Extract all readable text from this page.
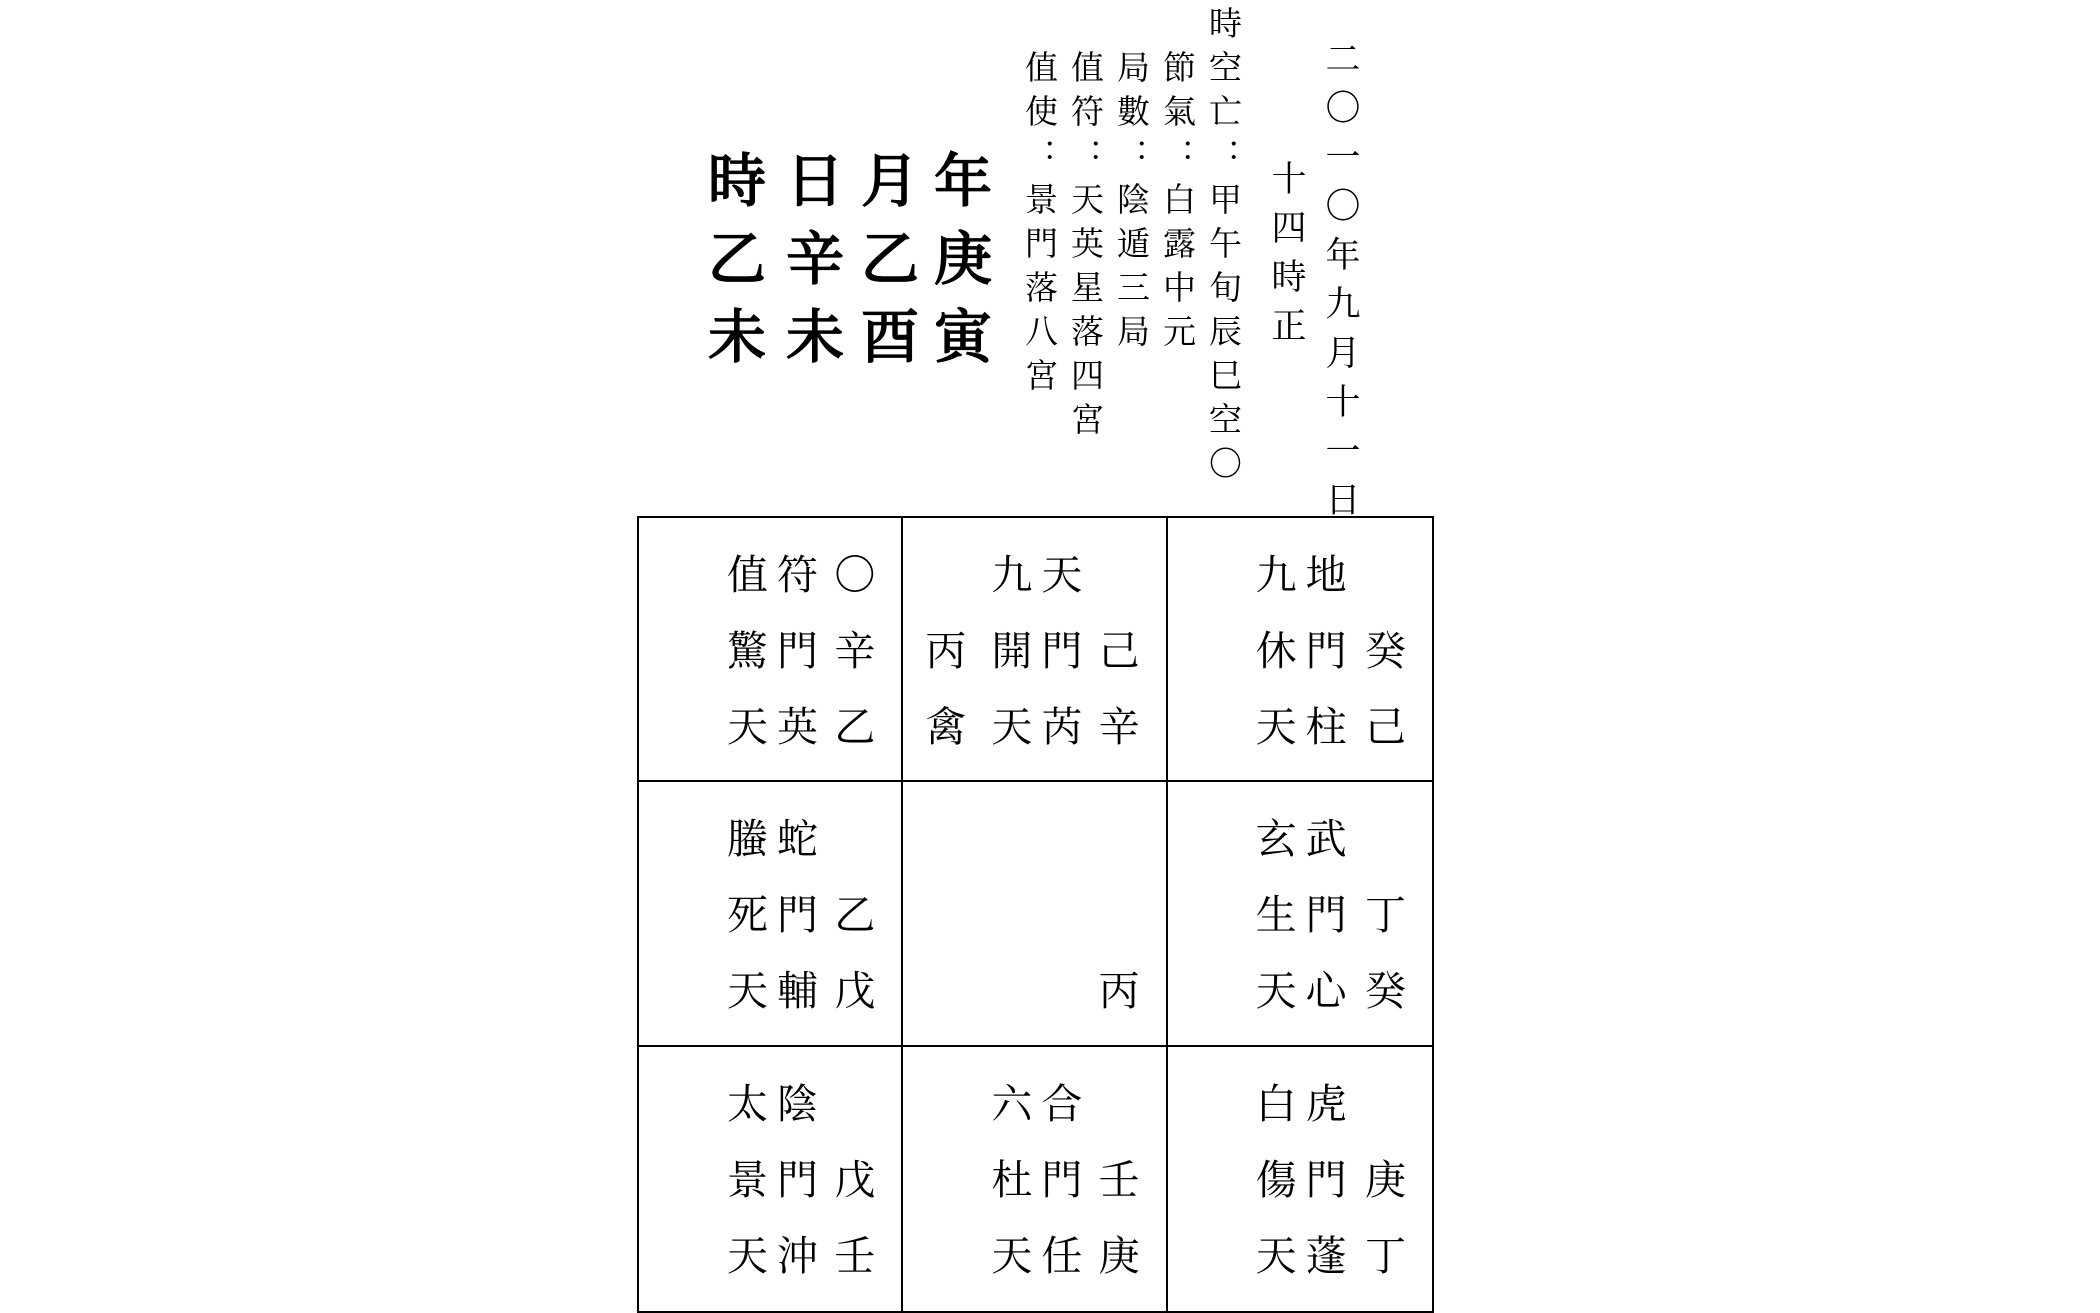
二〇一〇年九月十一日
十四時正
時空亡：甲午旬辰巳空〇
節氣：白露中元
局數：陰遁三局
值符：天英星落四宮
值使：景門落八宮
年庚寅
月乙酉
日辛未
時乙未
值符 〇
驚門 辛
天英 乙
九天
丙 開門 己
禽 天芮 辛
九地
休門 癸
天柱 己
螣蛇
死門 乙
天輔 戊	丙
玄武
生門 丁
天心 癸
太陰
景門 戊
天沖 壬
六合
杜門 壬
天任 庚
白虎
傷門 庚
天蓬 丁
